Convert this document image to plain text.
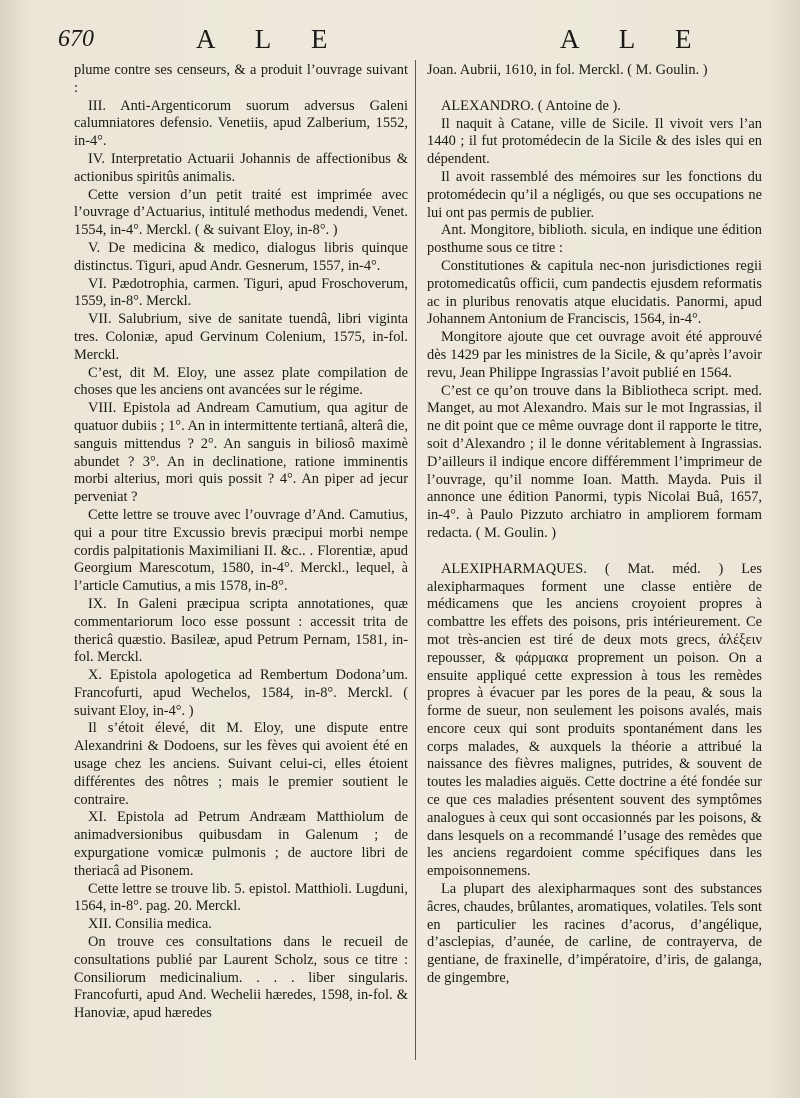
670	A L E	A L E

plume contre ses censeurs, & a produit l’ouvrage suivant :

III. Anti-Argenticorum suorum adversus Galeni calumniatores defensio. Venetiis, apud Zalberium, 1552, in-4°.

IV. Interpretatio Actuarii Johannis de affectionibus & actionibus spiritûs animalis.

Cette version d’un petit traité est imprimée avec l’ouvrage d’Actuarius, intitulé methodus medendi, Venet. 1554, in-4°. Merckl. ( & suivant Eloy, in-8°. )

V. De medicina & medico, dialogus libris quinque distinctus. Tiguri, apud Andr. Gesnerum, 1557, in-4°.

VI. Pædotrophia, carmen. Tiguri, apud Froschoverum, 1559, in-8°. Merckl.

VII. Salubrium, sive de sanitate tuendâ, libri viginta tres. Coloniæ, apud Gervinum Colenium, 1575, in-fol. Merckl.

C’est, dit M. Eloy, une assez plate compilation de choses que les anciens ont avancées sur le régime.

VIII. Epistola ad Andream Camutium, qua agitur de quatuor dubiis ; 1°. An in intermittente tertianâ, alterâ die, sanguis mittendus ? 2°. An sanguis in biliosô maximè abundet ? 3°. An in declinatione, ratione imminentis morbi alterius, mori quis possit ? 4°. An piper ad jecur perveniat ?

Cette lettre se trouve avec l’ouvrage d’And. Camutius, qui a pour titre Excussio brevis præcipui morbi nempe cordis palpitationis Maximiliani II. &c.. . Florentiæ, apud Georgium Marescotum, 1580, in-4°. Merckl., lequel, à l’article Camutius, a mis 1578, in-8°.

IX. In Galeni præcipua scripta annotationes, quæ commentariorum loco esse possunt : accessit trita de thericâ quæstio. Basileæ, apud Petrum Pernam, 1581, in-fol. Merckl.

X. Epistola apologetica ad Rembertum Dodona’um. Francofurti, apud Wechelos, 1584, in-8°. Merckl. ( suivant Eloy, in-4°. )

Il s’étoit élevé, dit M. Eloy, une dispute entre Alexandrini & Dodoens, sur les fèves qui avoient été en usage chez les anciens. Suivant celui-ci, elles étoient différentes des nôtres ; mais le premier soutient le contraire.

XI. Epistola ad Petrum Andræam Matthiolum de animadversionibus quibusdam in Galenum ; de expurgatione vomicæ pulmonis ; de auctore libri de theriacâ ad Pisonem.

Cette lettre se trouve lib. 5. epistol. Matthioli. Lugduni, 1564, in-8°. pag. 20. Merckl.

XII. Consilia medica.

On trouve ces consultations dans le recueil de consultations publié par Laurent Scholz, sous ce titre : Consiliorum medicinalium. . . . liber singularis. Francofurti, apud And. Wechelii hæredes, 1598, in-fol. & Hanoviæ, apud hæredes

Joan. Aubrii, 1610, in fol. Merckl. ( M. Goulin. )

ALEXANDRO. ( Antoine de ).

Il naquit à Catane, ville de Sicile. Il vivoit vers l’an 1440 ; il fut protomédecin de la Sicile & des isles qui en dépendent.

Il avoit rassemblé des mémoires sur les fonctions du protomédecin qu’il a négligés, ou que ses occupations ne lui ont pas permis de publier.

Ant. Mongitore, biblioth. sicula, en indique une édition posthume sous ce titre :

Constitutiones & capitula nec-non jurisdictiones regii protomedicatûs officii, cum pandectis ejusdem reformatis ac in pluribus renovatis atque elucidatis. Panormi, apud Johannem Antonium de Franciscis, 1564, in-4°.

Mongitore ajoute que cet ouvrage avoit été approuvé dès 1429 par les ministres de la Sicile, & qu’après l’avoir revu, Jean Philippe Ingrassias l’avoit publié en 1564.

C’est ce qu’on trouve dans la Bibliotheca script. med. Manget, au mot Alexandro. Mais sur le mot Ingrassias, il ne dit point que ce même ouvrage dont il rapporte le titre, soit d’Alexandro ; il le donne véritablement à Ingrassias. D’ailleurs il indique encore différemment l’imprimeur de l’ouvrage, qu’il nomme Ioan. Matth. Mayda. Puis il annonce une édition Panormi, typis Nicolai Buâ, 1657, in-4°. à Paulo Pizzuto archiatro in ampliorem formam redacta. ( M. Goulin. )

ALEXIPHARMAQUES. ( Mat. méd. ) Les alexipharmaques forment une classe entière de médicamens que les anciens croyoient propres à combattre les effets des poisons, pris intérieurement. Ce mot très-ancien est tiré de deux mots grecs, ἀλέξειν repousser, & φάρμακα proprement un poison. On a ensuite appliqué cette expression à tous les remèdes propres à évacuer par les pores de la peau, & sous la forme de sueur, non seulement les poisons avalés, mais encore ceux qui sont produits spontanément dans les corps malades, & auxquels la théorie a attribué la naissance des fièvres malignes, putrides, & souvent de toutes les maladies aiguës. Cette doctrine a été fondée sur ce que ces maladies présentent souvent des symptômes analogues à ceux qui sont occasionnés par les poisons, & dans lesquels on a recommandé l’usage des remèdes que les anciens regardoient comme spécifiques dans les empoisonnemens.

La plupart des alexipharmaques sont des substances âcres, chaudes, brûlantes, aromatiques, volatiles. Tels sont en particulier les racines d’acorus, d’angélique, d’asclepias, d’aunée, de carline, de contrayerva, de gentiane, de fraxinelle, d’impératoire, d’iris, de galanga, de gingembre,
